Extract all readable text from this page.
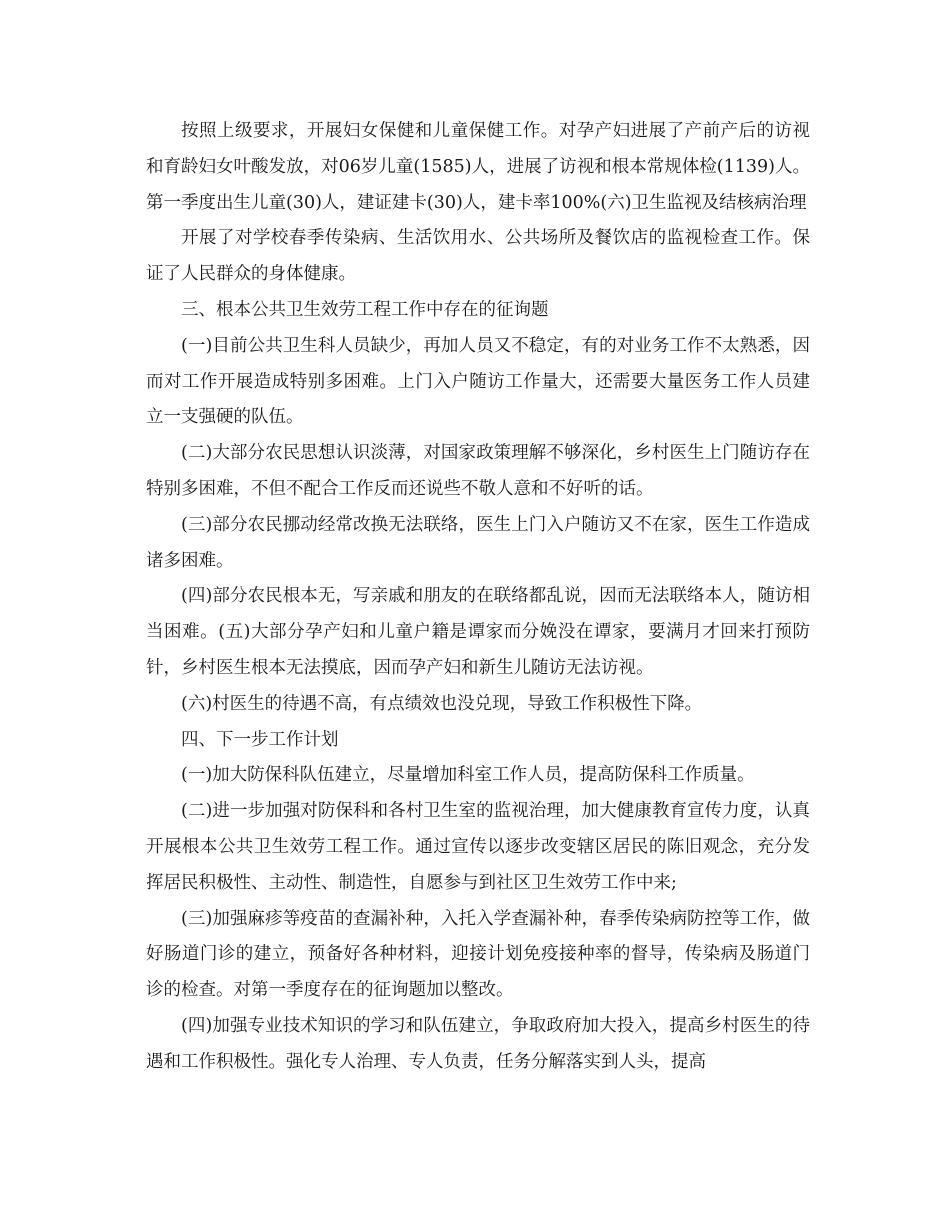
按照上级要求，开展妇女保健和儿童保健工作。对孕产妇进展了产前产后的访视和育龄妇女叶酸发放，对06岁儿童(1585)人，进展了访视和根本常规体检(1139)人。第一季度出生儿童(30)人，建证建卡(30)人，建卡率100%(六)卫生监视及结核病治理

开展了对学校春季传染病、生活饮用水、公共场所及餐饮店的监视检查工作。保证了人民群众的身体健康。

三、根本公共卫生效劳工程工作中存在的征询题

(一)目前公共卫生科人员缺少，再加人员又不稳定，有的对业务工作不太熟悉，因而对工作开展造成特别多困难。上门入户随访工作量大，还需要大量医务工作人员建立一支强硬的队伍。

(二)大部分农民思想认识淡薄，对国家政策理解不够深化，乡村医生上门随访存在特别多困难，不但不配合工作反而还说些不敬人意和不好听的话。

(三)部分农民挪动经常改换无法联络，医生上门入户随访又不在家，医生工作造成诸多困难。

(四)部分农民根本无，写亲戚和朋友的在联络都乱说，因而无法联络本人，随访相当困难。(五)大部分孕产妇和儿童户籍是谭家而分娩没在谭家，要满月才回来打预防针，乡村医生根本无法摸底，因而孕产妇和新生儿随访无法访视。

(六)村医生的待遇不高，有点绩效也没兑现，导致工作积极性下降。

四、下一步工作计划

(一)加大防保科队伍建立，尽量增加科室工作人员，提高防保科工作质量。

(二)进一步加强对防保科和各村卫生室的监视治理，加大健康教育宣传力度，认真开展根本公共卫生效劳工程工作。通过宣传以逐步改变辖区居民的陈旧观念，充分发挥居民积极性、主动性、制造性，自愿参与到社区卫生效劳工作中来;

(三)加强麻疹等疫苗的查漏补种，入托入学查漏补种，春季传染病防控等工作，做好肠道门诊的建立，预备好各种材料，迎接计划免疫接种率的督导，传染病及肠道门诊的检查。对第一季度存在的征询题加以整改。

(四)加强专业技术知识的学习和队伍建立，争取政府加大投入，提高乡村医生的待遇和工作积极性。强化专人治理、专人负责，任务分解落实到人头，提高
